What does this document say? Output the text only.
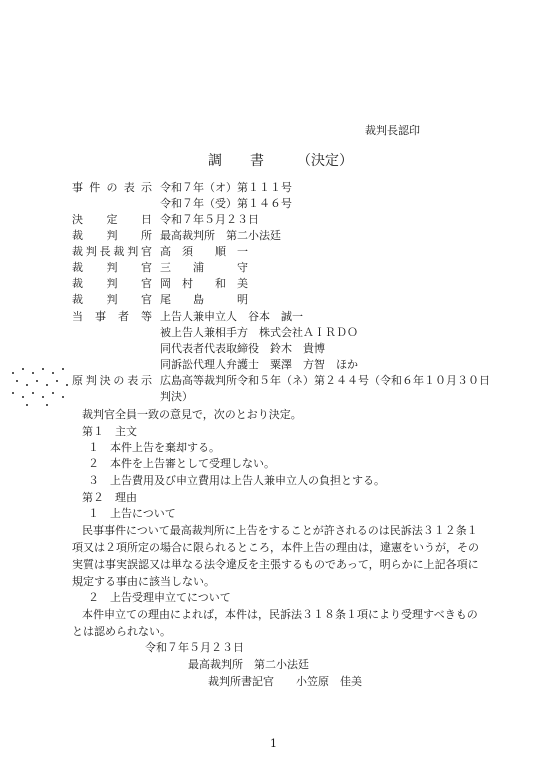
裁判長認印
調　　書 （決定）
事件の表示 令和７年（オ）第１１１号
令和７年（受）第１４６号
決　定　日 令和７年５月２３日
裁　判　所 最高裁判所　第二小法廷
裁判長裁判官 高　須　　順　一
裁　判　官 三　　浦　　　守
裁　判　官 岡　村　　和　美
裁　判　官 尾　　島　　　明
当　事　者　等 上告人兼申立人　谷本　誠一
被上告人兼相手方　株式会社ＡＩＲＤＯ
同代表者代表取締役　鈴木　貴博
同訴訟代理人弁護士　粟澤　方智　ほか
原判決の表示 広島高等裁判所令和５年（ネ）第２４４号（令和６年１０月３０日
判決）
裁判官全員一致の意見で，次のとおり決定。
第１　主文
１　本件上告を棄却する。
２　本件を上告審として受理しない。
３　上告費用及び申立費用は上告人兼申立人の負担とする。
第２　理由
１　上告について
民事事件について最高裁判所に上告をすることが許されるのは民訴法３１２条１
項又は２項所定の場合に限られるところ，本件上告の理由は，違憲をいうが，その
実質は事実誤認又は単なる法令違反を主張するものであって，明らかに上記各項に
規定する事由に該当しない。
２　上告受理申立てについて
本件申立ての理由によれば，本件は，民訴法３１８条１項により受理すべきもの
とは認められない。
令和７年５月２３日
最高裁判所　第二小法廷
裁判所書記官　　小笠原　佳美
1
